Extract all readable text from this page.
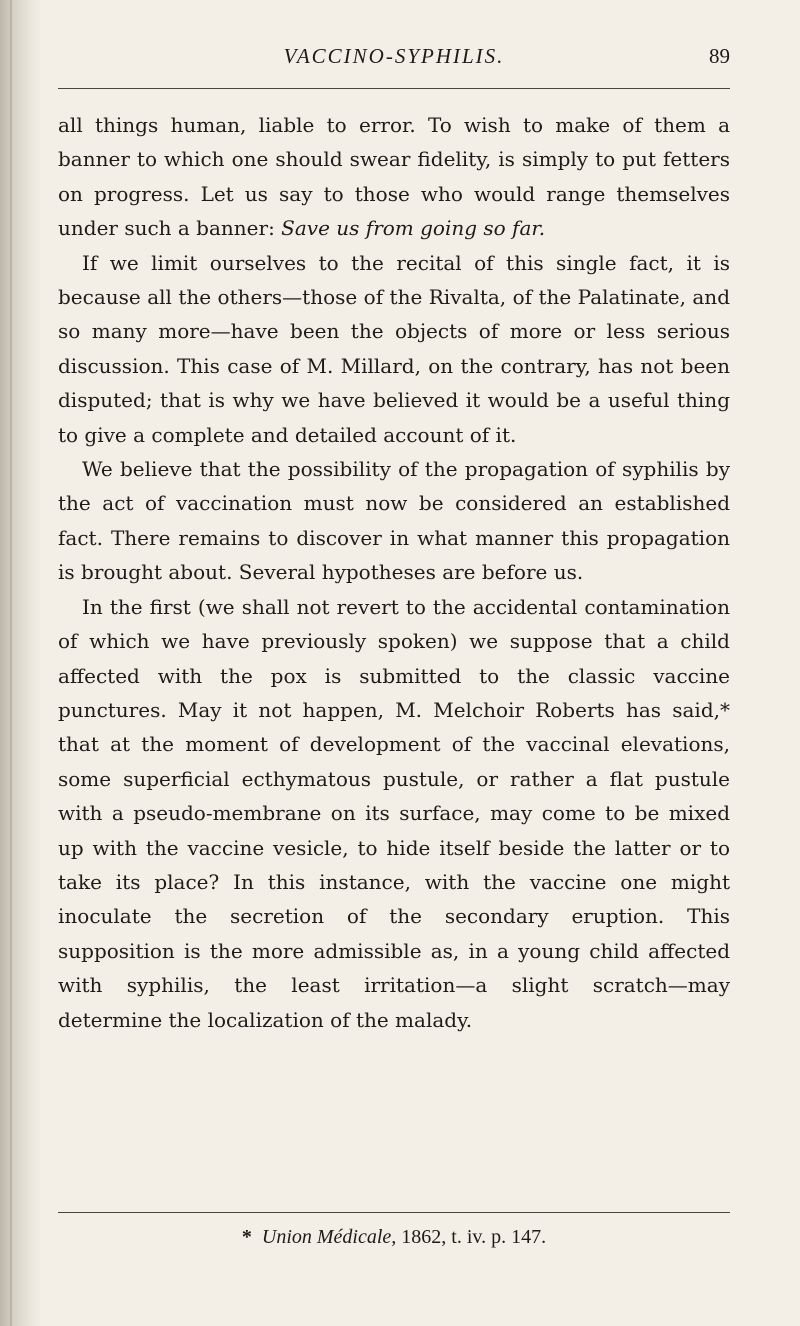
VACCINO-SYPHILIS.	89

all things human, liable to error. To wish to make of them a banner to which one should swear fidelity, is simply to put fetters on progress. Let us say to those who would range themselves under such a banner: Save us from going so far.

If we limit ourselves to the recital of this single fact, it is because all the others—those of the Rivalta, of the Palatinate, and so many more—have been the objects of more or less serious discussion. This case of M. Millard, on the contrary, has not been disputed; that is why we have believed it would be a useful thing to give a complete and detailed account of it.

We believe that the possibility of the propagation of syphilis by the act of vaccination must now be considered an established fact. There remains to discover in what manner this propagation is brought about. Several hypotheses are before us.

In the first (we shall not revert to the accidental contamination of which we have previously spoken) we suppose that a child affected with the pox is submitted to the classic vaccine punctures. May it not happen, M. Melchoir Roberts has said,* that at the moment of development of the vaccinal elevations, some superficial ecthymatous pustule, or rather a flat pustule with a pseudo-membrane on its surface, may come to be mixed up with the vaccine vesicle, to hide itself beside the latter or to take its place? In this instance, with the vaccine one might inoculate the secretion of the secondary eruption. This supposition is the more admissible as, in a young child affected with syphilis, the least irritation—a slight scratch—may determine the localization of the malady.

* Union Médicale, 1862, t. iv. p. 147.
